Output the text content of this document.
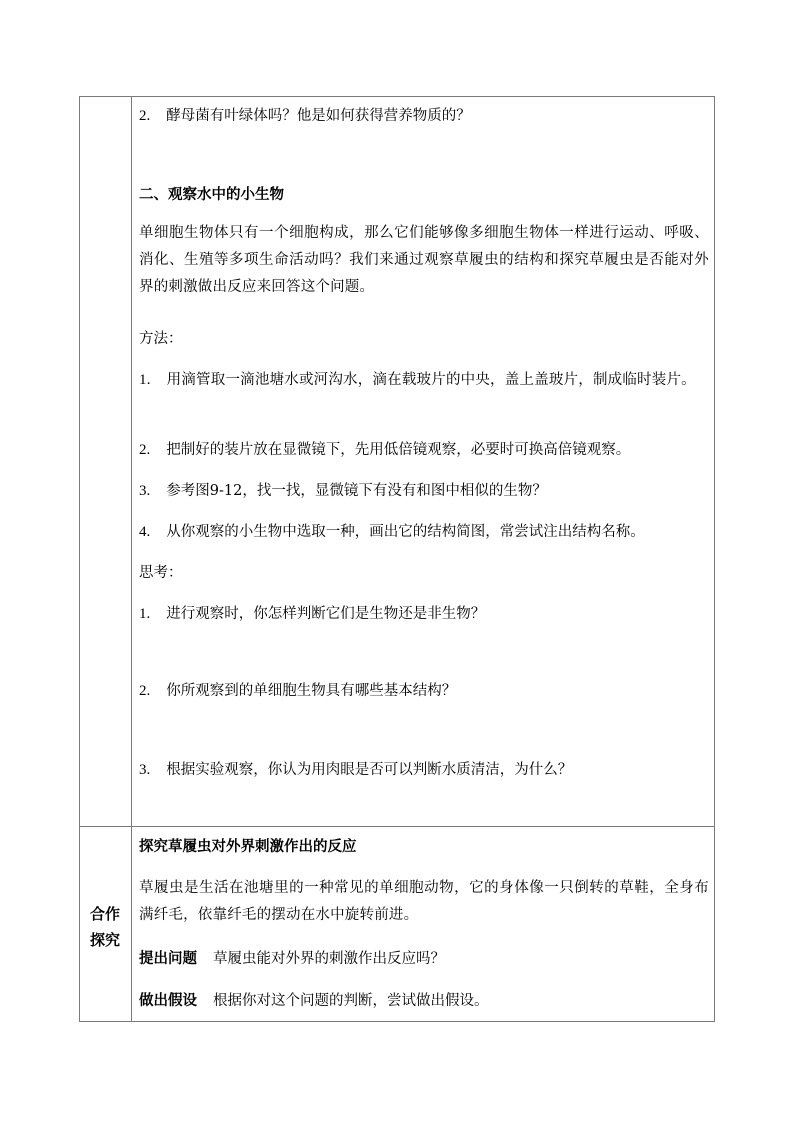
2. 酵母菌有叶绿体吗？他是如何获得营养物质的？
二、观察水中的小生物
单细胞生物体只有一个细胞构成，那么它们能够像多细胞生物体一样进行运动、呼吸、消化、生殖等多项生命活动吗？我们来通过观察草履虫的结构和探究草履虫是否能对外界的刺激做出反应来回答这个问题。
方法：
1. 用滴管取一滴池塘水或河沟水，滴在载玻片的中央，盖上盖玻片，制成临时装片。
2. 把制好的装片放在显微镜下，先用低倍镜观察，必要时可换高倍镜观察。
3. 参考图9-12，找一找，显微镜下有没有和图中相似的生物？
4. 从你观察的小生物中选取一种，画出它的结构简图，常尝试注出结构名称。
思考：
1. 进行观察时，你怎样判断它们是生物还是非生物？
2. 你所观察到的单细胞生物具有哪些基本结构？
3. 根据实验观察，你认为用肉眼是否可以判断水质清洁，为什么？
合作
探究
探究草履虫对外界刺激作出的反应
草履虫是生活在池塘里的一种常见的单细胞动物，它的身体像一只倒转的草鞋，全身布满纤毛，依靠纤毛的摆动在水中旋转前进。
提出问题 草履虫能对外界的刺激作出反应吗？
做出假设 根据你对这个问题的判断，尝试做出假设。
